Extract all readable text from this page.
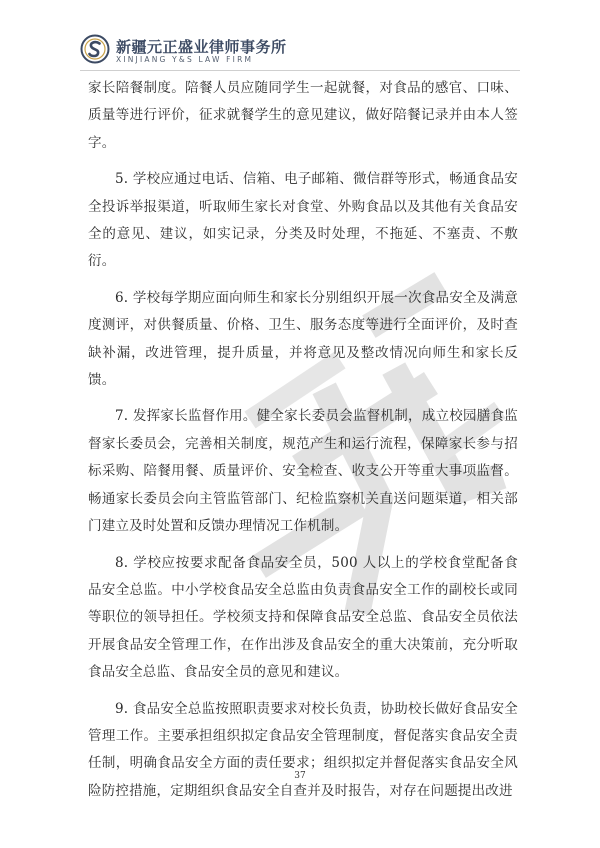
新疆元正盛业律师事务所
XINJIANG Y&S LAW FIRM

家长陪餐制度。陪餐人员应随同学生一起就餐，对食品的感官、口味、质量等进行评价，征求就餐学生的意见建议，做好陪餐记录并由本人签字。

5. 学校应通过电话、信箱、电子邮箱、微信群等形式，畅通食品安全投诉举报渠道，听取师生家长对食堂、外购食品以及其他有关食品安全的意见、建议，如实记录，分类及时处理，不拖延、不塞责、不敷衍。

6. 学校每学期应面向师生和家长分别组织开展一次食品安全及满意度测评，对供餐质量、价格、卫生、服务态度等进行全面评价，及时查缺补漏，改进管理，提升质量，并将意见及整改情况向师生和家长反馈。

7. 发挥家长监督作用。健全家长委员会监督机制，成立校园膳食监督家长委员会，完善相关制度，规范产生和运行流程，保障家长参与招标采购、陪餐用餐、质量评价、安全检查、收支公开等重大事项监督。畅通家长委员会向主管监管部门、纪检监察机关直送问题渠道，相关部门建立及时处置和反馈办理情况工作机制。

8. 学校应按要求配备食品安全员，500 人以上的学校食堂配备食品安全总监。中小学校食品安全总监由负责食品安全工作的副校长或同等职位的领导担任。学校须支持和保障食品安全总监、食品安全员依法开展食品安全管理工作，在作出涉及食品安全的重大决策前，充分听取食品安全总监、食品安全员的意见和建议。

9. 食品安全总监按照职责要求对校长负责，协助校长做好食品安全管理工作。主要承担组织拟定食品安全管理制度，督促落实食品安全责任制，明确食品安全方面的责任要求；组织拟定并督促落实食品安全风险防控措施，定期组织食品安全自查并及时报告，对存在问题提出改进

37
